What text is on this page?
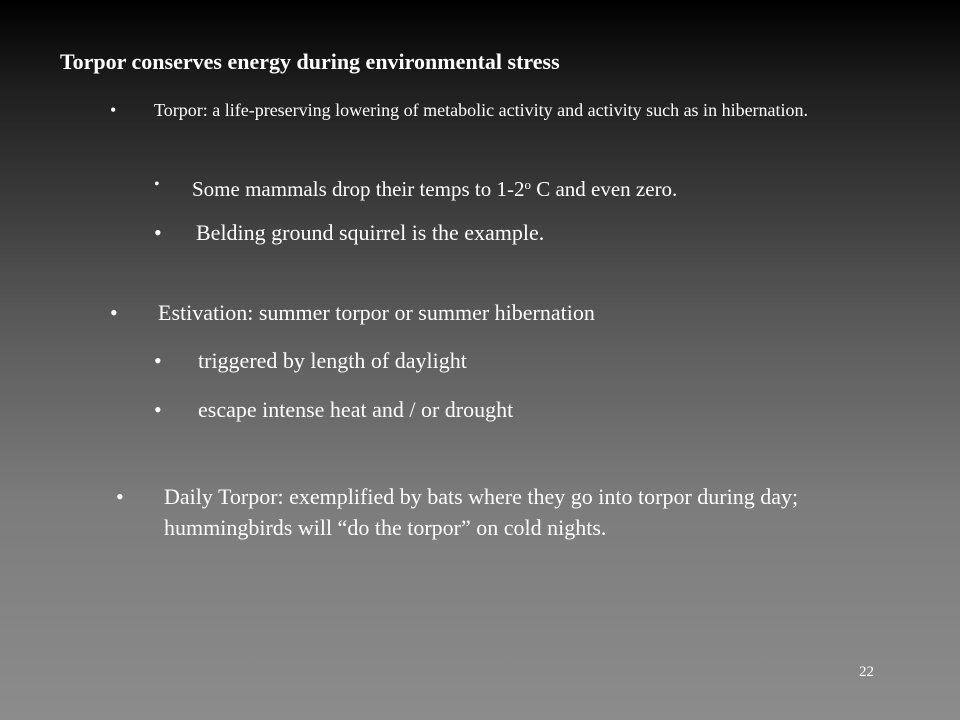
Torpor conserves energy during environmental stress
•	Torpor: a life-preserving lowering of metabolic activity and activity such as in hibernation.
•	Some mammals drop their temps to 1-2$^o$ C and even zero.
•	Belding ground squirrel is the example.
•	Estivation: summer torpor or summer hibernation
•	triggered by length of daylight
•	escape intense heat and / or drought
•	Daily Torpor: exemplified by bats where they go into torpor during day; hummingbirds will “do the torpor” on cold nights.
22
